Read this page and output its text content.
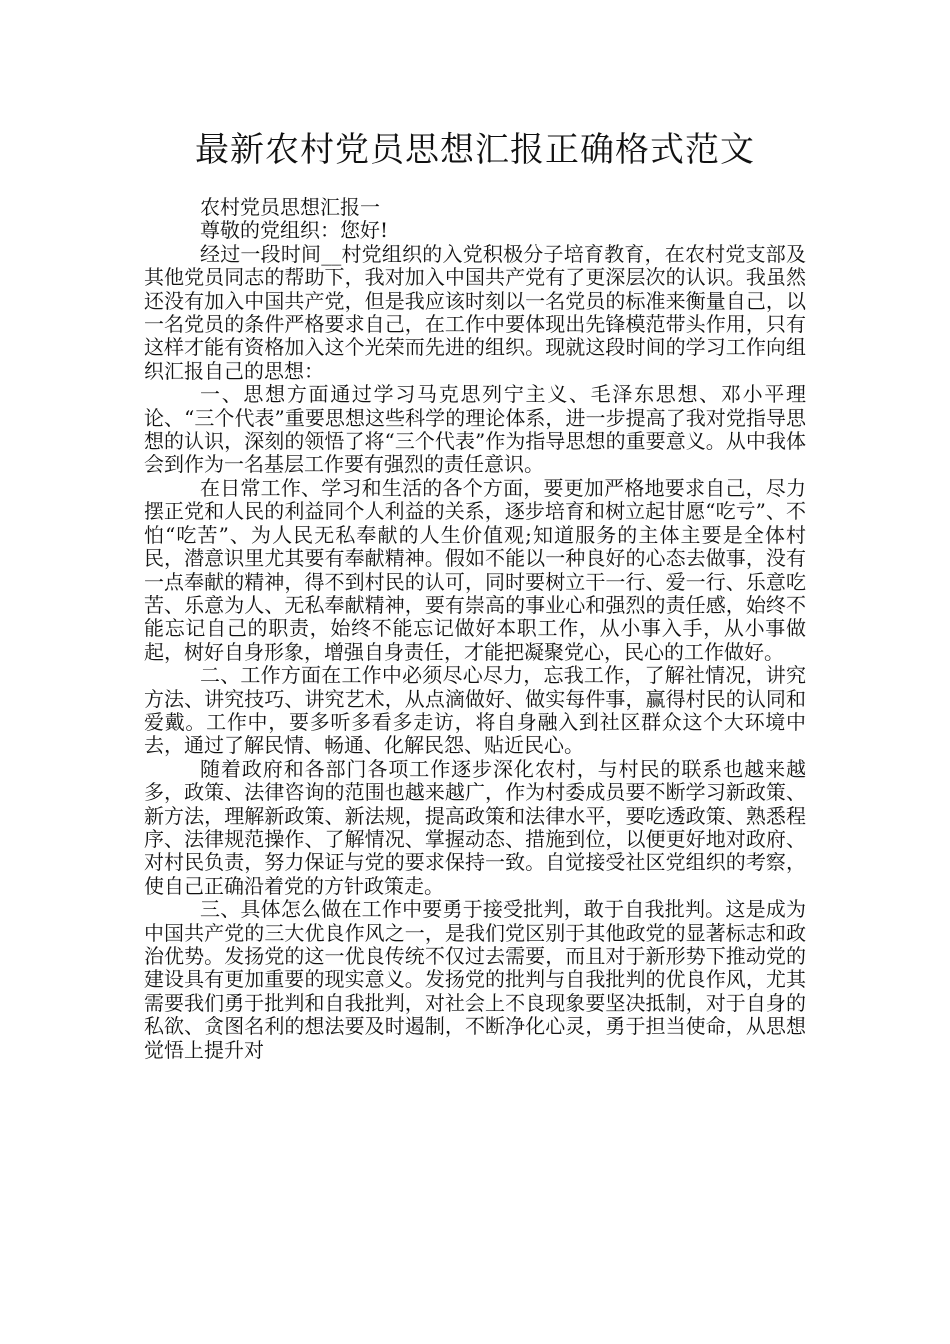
最新农村党员思想汇报正确格式范文

农村党员思想汇报一

尊敬的党组织：您好!

经过一段时间__村党组织的入党积极分子培育教育，在农村党支部及其他党员同志的帮助下，我对加入中国共产党有了更深层次的认识。我虽然还没有加入中国共产党，但是我应该时刻以一名党员的标准来衡量自己，以一名党员的条件严格要求自己，在工作中要体现出先锋模范带头作用，只有这样才能有资格加入这个光荣而先进的组织。现就这段时间的学习工作向组织汇报自己的思想：

一、思想方面通过学习马克思列宁主义、毛泽东思想、邓小平理论、“三个代表”重要思想这些科学的理论体系，进一步提高了我对党指导思想的认识，深刻的领悟了将“三个代表”作为指导思想的重要意义。从中我体会到作为一名基层工作要有强烈的责任意识。

在日常工作、学习和生活的各个方面，要更加严格地要求自己，尽力摆正党和人民的利益同个人利益的关系，逐步培育和树立起甘愿“吃亏”、不怕“吃苦”、为人民无私奉献的人生价值观;知道服务的主体主要是全体村民，潜意识里尤其要有奉献精神。假如不能以一种良好的心态去做事，没有一点奉献的精神，得不到村民的认可，同时要树立干一行、爱一行、乐意吃苦、乐意为人、无私奉献精神，要有崇高的事业心和强烈的责任感，始终不能忘记自己的职责，始终不能忘记做好本职工作，从小事入手，从小事做起，树好自身形象，增强自身责任，才能把凝聚党心，民心的工作做好。

二、工作方面在工作中必须尽心尽力，忘我工作，了解社情况，讲究方法、讲究技巧、讲究艺术，从点滴做好、做实每件事，赢得村民的认同和爱戴。工作中，要多听多看多走访，将自身融入到社区群众这个大环境中去，通过了解民情、畅通、化解民怨、贴近民心。

随着政府和各部门各项工作逐步深化农村，与村民的联系也越来越多，政策、法律咨询的范围也越来越广，作为村委成员要不断学习新政策、新方法，理解新政策、新法规，提高政策和法律水平，要吃透政策、熟悉程序、法律规范操作、了解情况、掌握动态、措施到位，以便更好地对政府、对村民负责，努力保证与党的要求保持一致。自觉接受社区党组织的考察，使自己正确沿着党的方针政策走。

三、具体怎么做在工作中要勇于接受批判，敢于自我批判。这是成为中国共产党的三大优良作风之一，是我们党区别于其他政党的显著标志和政治优势。发扬党的这一优良传统不仅过去需要，而且对于新形势下推动党的建设具有更加重要的现实意义。发扬党的批判与自我批判的优良作风，尤其需要我们勇于批判和自我批判，对社会上不良现象要坚决抵制，对于自身的私欲、贪图名利的想法要及时遏制，不断净化心灵，勇于担当使命，从思想觉悟上提升对
